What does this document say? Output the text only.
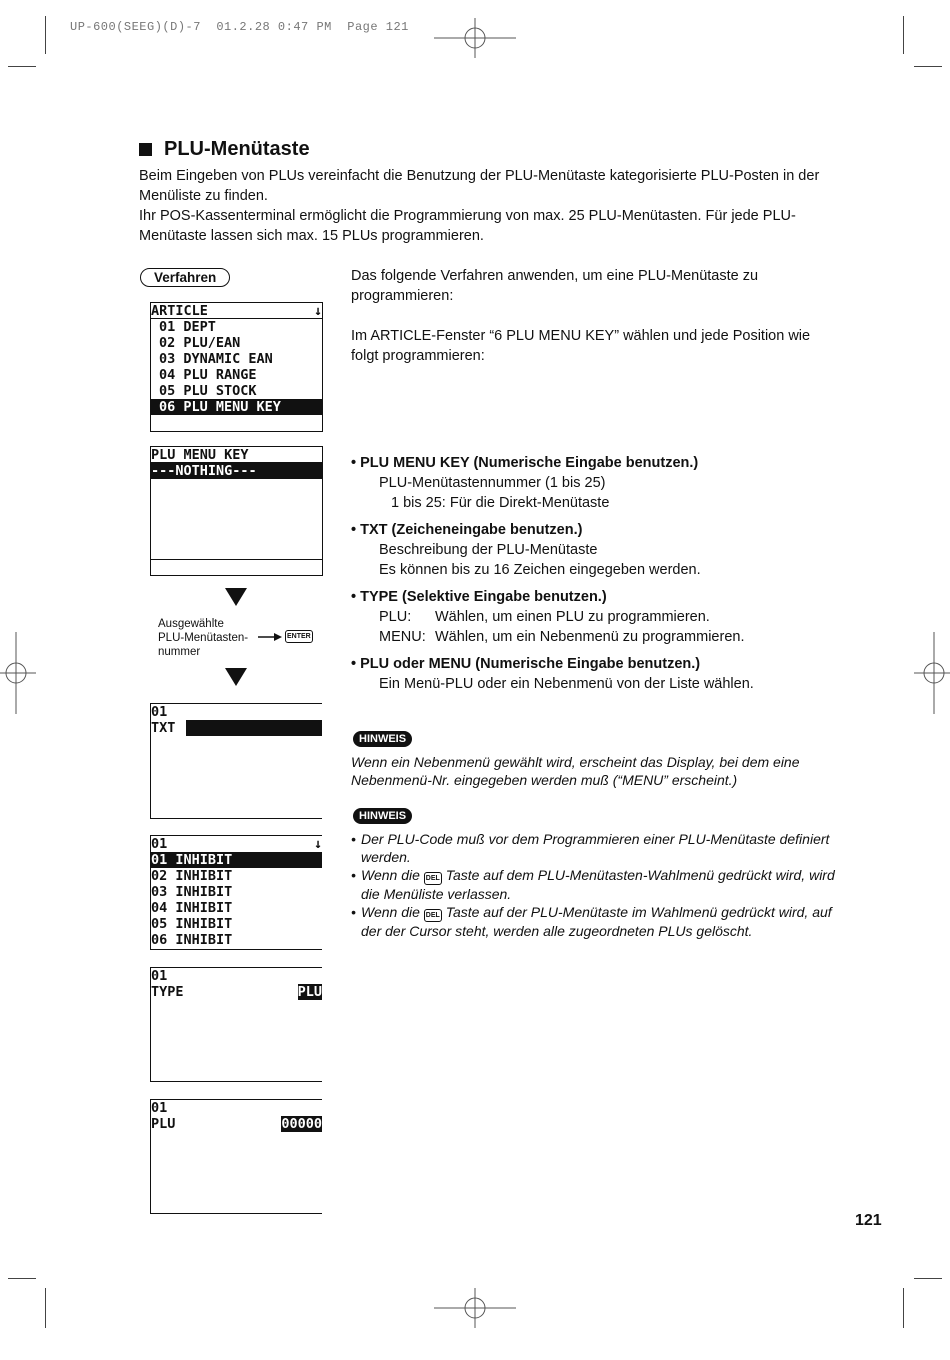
UP-600(SEEG)(D)-7  01.2.28 0:47 PM  Page 121
PLU-Menütaste
Beim Eingeben von PLUs vereinfacht die Benutzung der PLU-Menütaste kategorisierte PLU-Posten in der Menüliste zu finden.
Ihr POS-Kassenterminal ermöglicht die Programmierung von max. 25 PLU-Menütasten. Für jede PLU-Menütaste lassen sich max. 15 PLUs programmieren.
Verfahren	Das folgende Verfahren anwenden, um eine PLU-Menütaste zu programmieren:
Im ARTICLE-Fenster “6 PLU MENU KEY” wählen und jede Position wie folgt programmieren:
ARTICLE	↓
01 DEPT
02 PLU/EAN
03 DYNAMIC EAN
04 PLU RANGE
05 PLU STOCK
06 PLU MENU KEY
PLU MENU KEY
---NOTHING---
Ausgewählte
PLU-Menütasten-
nummer
ENTER
01
TXT
01	↓
01 INHIBIT
02 INHIBIT
03 INHIBIT
04 INHIBIT
05 INHIBIT
06 INHIBIT
01
TYPE	PLU
01
PLU	00000
• PLU MENU KEY (Numerische Eingabe benutzen.)
PLU-Menütastennummer (1 bis 25)
1 bis 25: Für die Direkt-Menütaste
• TXT (Zeicheneingabe benutzen.)
Beschreibung der PLU-Menütaste
Es können bis zu 16 Zeichen eingegeben werden.
• TYPE (Selektive Eingabe benutzen.)
PLU: Wählen, um einen PLU zu programmieren.
MENU: Wählen, um ein Nebenmenü zu programmieren.
• PLU oder MENU (Numerische Eingabe benutzen.)
Ein Menü-PLU oder ein Nebenmenü von der Liste wählen.
HINWEIS
Wenn ein Nebenmenü gewählt wird, erscheint das Display, bei dem eine Nebenmenü-Nr. eingegeben werden muß (“MENU” erscheint.)
HINWEIS
• Der PLU-Code muß vor dem Programmieren einer PLU-Menütaste definiert werden.
• Wenn die DEL Taste auf dem PLU-Menütasten-Wahlmenü gedrückt wird, wird die Menüliste verlassen.
• Wenn die DEL Taste auf der PLU-Menütaste im Wahlmenü gedrückt wird, auf der der Cursor steht, werden alle zugeordneten PLUs gelöscht.
121
